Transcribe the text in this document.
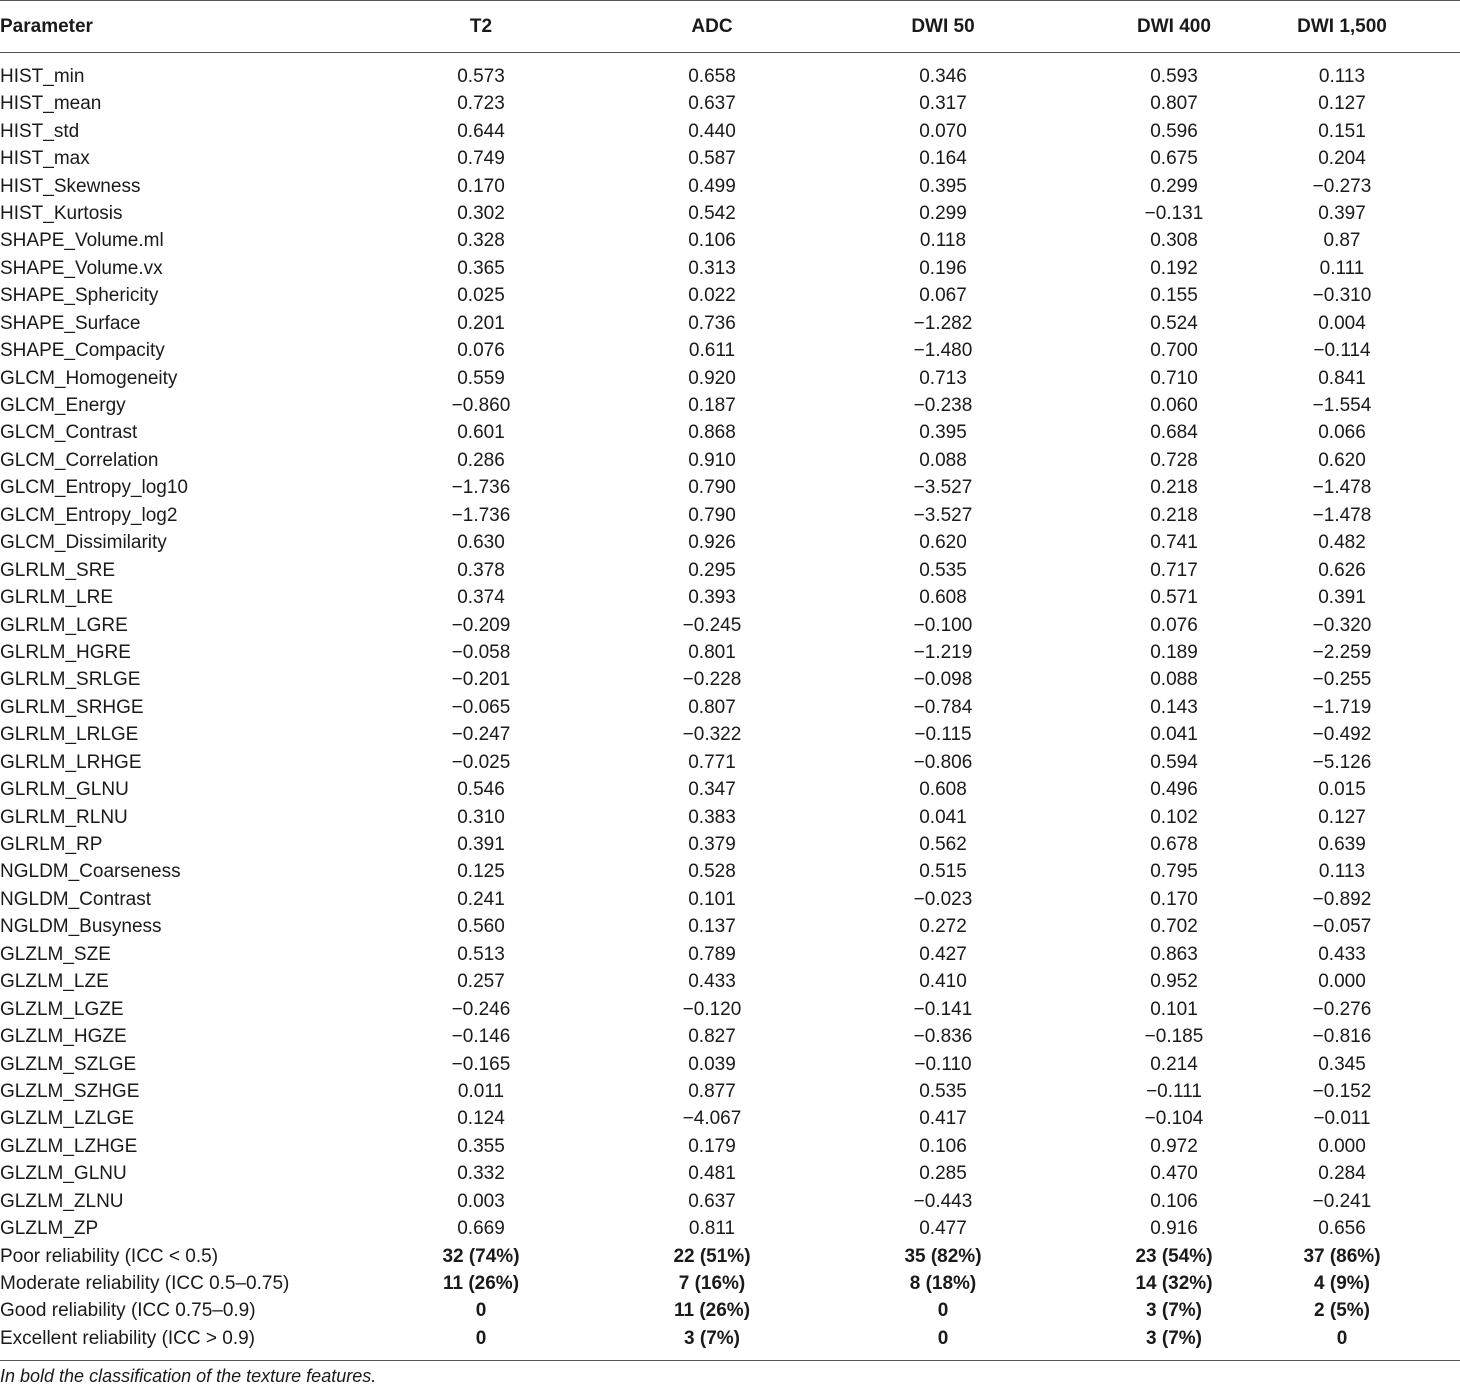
Parameter	T2	ADC	DWI 50	DWI 400	DWI 1,500
HIST_min	0.573	0.658	0.346	0.593	0.113
HIST_mean	0.723	0.637	0.317	0.807	0.127
HIST_std	0.644	0.440	0.070	0.596	0.151
HIST_max	0.749	0.587	0.164	0.675	0.204
HIST_Skewness	0.170	0.499	0.395	0.299	−0.273
HIST_Kurtosis	0.302	0.542	0.299	−0.131	0.397
SHAPE_Volume.ml	0.328	0.106	0.118	0.308	0.87
SHAPE_Volume.vx	0.365	0.313	0.196	0.192	0.111
SHAPE_Sphericity	0.025	0.022	0.067	0.155	−0.310
SHAPE_Surface	0.201	0.736	−1.282	0.524	0.004
SHAPE_Compacity	0.076	0.611	−1.480	0.700	−0.114
GLCM_Homogeneity	0.559	0.920	0.713	0.710	0.841
GLCM_Energy	−0.860	0.187	−0.238	0.060	−1.554
GLCM_Contrast	0.601	0.868	0.395	0.684	0.066
GLCM_Correlation	0.286	0.910	0.088	0.728	0.620
GLCM_Entropy_log10	−1.736	0.790	−3.527	0.218	−1.478
GLCM_Entropy_log2	−1.736	0.790	−3.527	0.218	−1.478
GLCM_Dissimilarity	0.630	0.926	0.620	0.741	0.482
GLRLM_SRE	0.378	0.295	0.535	0.717	0.626
GLRLM_LRE	0.374	0.393	0.608	0.571	0.391
GLRLM_LGRE	−0.209	−0.245	−0.100	0.076	−0.320
GLRLM_HGRE	−0.058	0.801	−1.219	0.189	−2.259
GLRLM_SRLGE	−0.201	−0.228	−0.098	0.088	−0.255
GLRLM_SRHGE	−0.065	0.807	−0.784	0.143	−1.719
GLRLM_LRLGE	−0.247	−0.322	−0.115	0.041	−0.492
GLRLM_LRHGE	−0.025	0.771	−0.806	0.594	−5.126
GLRLM_GLNU	0.546	0.347	0.608	0.496	0.015
GLRLM_RLNU	0.310	0.383	0.041	0.102	0.127
GLRLM_RP	0.391	0.379	0.562	0.678	0.639
NGLDM_Coarseness	0.125	0.528	0.515	0.795	0.113
NGLDM_Contrast	0.241	0.101	−0.023	0.170	−0.892
NGLDM_Busyness	0.560	0.137	0.272	0.702	−0.057
GLZLM_SZE	0.513	0.789	0.427	0.863	0.433
GLZLM_LZE	0.257	0.433	0.410	0.952	0.000
GLZLM_LGZE	−0.246	−0.120	−0.141	0.101	−0.276
GLZLM_HGZE	−0.146	0.827	−0.836	−0.185	−0.816
GLZLM_SZLGE	−0.165	0.039	−0.110	0.214	0.345
GLZLM_SZHGE	0.011	0.877	0.535	−0.111	−0.152
GLZLM_LZLGE	0.124	−4.067	0.417	−0.104	−0.011
GLZLM_LZHGE	0.355	0.179	0.106	0.972	0.000
GLZLM_GLNU	0.332	0.481	0.285	0.470	0.284
GLZLM_ZLNU	0.003	0.637	−0.443	0.106	−0.241
GLZLM_ZP	0.669	0.811	0.477	0.916	0.656
Poor reliability (ICC < 0.5)	32 (74%)	22 (51%)	35 (82%)	23 (54%)	37 (86%)
Moderate reliability (ICC 0.5–0.75)	11 (26%)	7 (16%)	8 (18%)	14 (32%)	4 (9%)
Good reliability (ICC 0.75–0.9)	0	11 (26%)	0	3 (7%)	2 (5%)
Excellent reliability (ICC > 0.9)	0	3 (7%)	0	3 (7%)	0
In bold the classification of the texture features.
